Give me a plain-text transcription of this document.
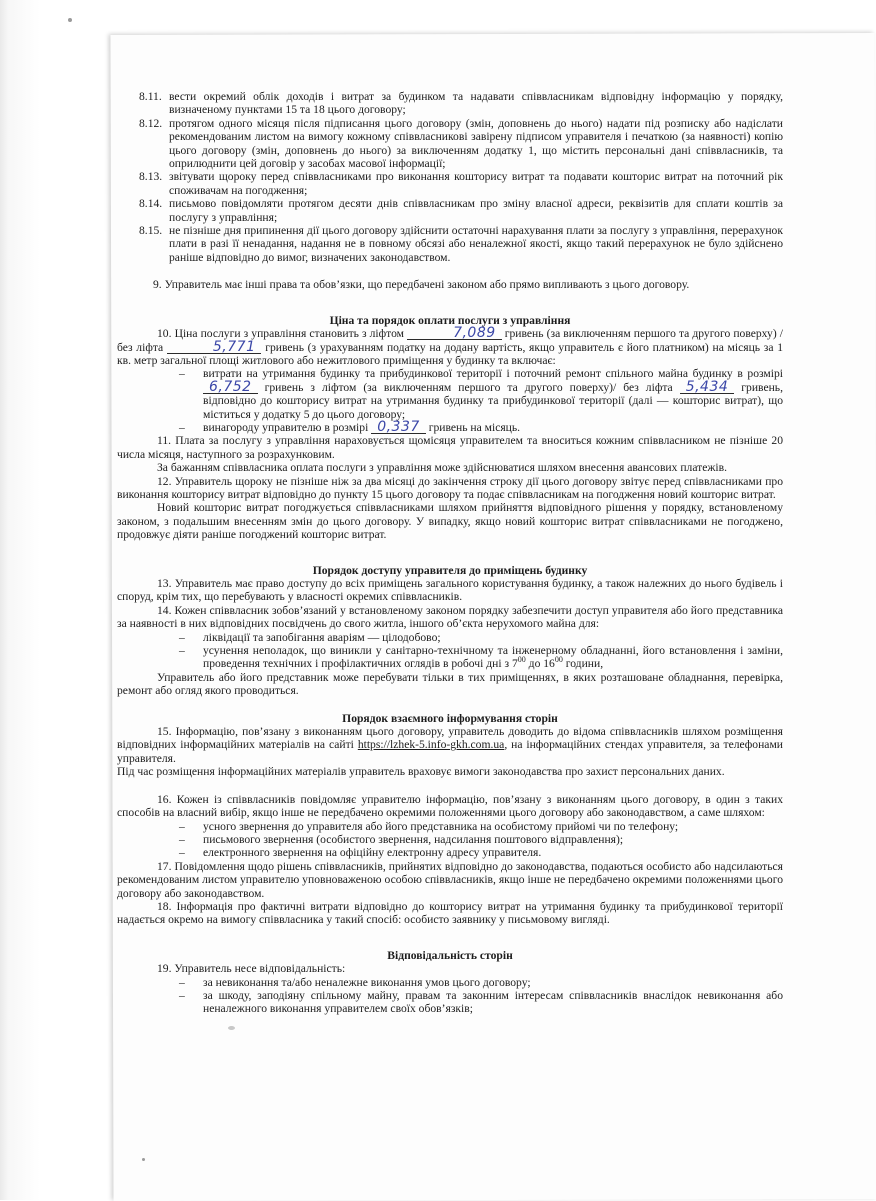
8.11. вести окремий облік доходів і витрат за будинком та надавати співвласникам відповідну інформацію у порядку, визначеному пунктами 15 та 18 цього договору;
8.12. протягом одного місяця після підписання цього договору (змін, доповнень до нього) надати під розписку або надіслати рекомендованим листом на вимогу кожному співвласникові завірену підписом управителя і печаткою (за наявності) копію цього договору (змін, доповнень до нього) за виключенням додатку 1, що містить персональні дані співвласників, та оприлюднити цей договір у засобах масової інформації;
8.13. звітувати щороку перед співвласниками про виконання кошторису витрат та подавати кошторис витрат на поточний рік споживачам на погодження;
8.14. письмово повідомляти протягом десяти днів співвласникам про зміну власної адреси, реквізитів для сплати коштів за послугу з управління;
8.15. не пізніше дня припинення дії цього договору здійснити остаточні нарахування плати за послугу з управління, перерахунок плати в разі її ненадання, надання не в повному обсязі або неналежної якості, якщо такий перерахунок не було здійснено раніше відповідно до вимог, визначених законодавством.

9. Управитель має інші права та обов’язки, що передбачені законом або прямо випливають з цього договору.

Ціна та порядок оплати послуги з управління

10. Ціна послуги з управління становить з ліфтом	7,089 гривень (за виключенням першого та другого поверху) / без ліфта	5,771 гривень (з урахуванням податку на додану вартість, якщо управитель є його платником) на місяць за 1 кв. метр загальної площі житлового або нежитлового приміщення у будинку та включає:

–	витрати на утримання будинку та прибудинкової території і поточний ремонт спільного майна будинку в розмірі 6,752 гривень з ліфтом (за виключенням першого та другого поверху)/ без ліфта 5,434 гривень, відповідно до кошторису витрат на утримання будинку та прибудинкової території (далі — кошторис витрат), що міститься у додатку 5 до цього договору;
–	винагороду управителю в розмірі 0,337 гривень на місяць.

11. Плата за послугу з управління нараховується щомісяця управителем та вноситься кожним співвласником не пізніше 20 числа місяця, наступного за розрахунковим.

За бажанням співвласника оплата послуги з управління може здійснюватися шляхом внесення авансових платежів.

12. Управитель щороку не пізніше ніж за два місяці до закінчення строку дії цього договору звітує перед співвласниками про виконання кошторису витрат відповідно до пункту 15 цього договору та подає співвласникам на погодження новий кошторис витрат.

Новий кошторис витрат погоджується співвласниками шляхом прийняття відповідного рішення у порядку, встановленому законом, з подальшим внесенням змін до цього договору. У випадку, якщо новий кошторис витрат співвласниками не погоджено, продовжує діяти раніше погоджений кошторис витрат.

Порядок доступу управителя до приміщень будинку

13. Управитель має право доступу до всіх приміщень загального користування будинку, а також належних до нього будівель і споруд, крім тих, що перебувають у власності окремих співвласників.

14. Кожен співвласник зобов’язаний у встановленому законом порядку забезпечити доступ управителя або його представника за наявності в них відповідних посвідчень до свого житла, іншого об’єкта нерухомого майна для:

–	ліквідації та запобігання аваріям — цілодобово;
–	усунення неполадок, що виникли у санітарно-технічному та інженерному обладнанні, його встановлення і заміни, проведення технічних і профілактичних оглядів в робочі дні з $7^{00}$ до $16^{00}$ години,

Управитель або його представник може перебувати тільки в тих приміщеннях, в яких розташоване обладнання, перевірка, ремонт або огляд якого проводиться.

Порядок взаємного інформування сторін

15. Інформацію, пов’язану з виконанням цього договору, управитель доводить до відома співвласників шляхом розміщення відповідних інформаційних матеріалів на сайті https://lzhek-5.info-gkh.com.ua, на інформаційних стендах управителя, за телефонами управителя.

Під час розміщення інформаційних матеріалів управитель враховує вимоги законодавства про захист персональних даних.

16. Кожен із співвласників повідомляє управителю інформацію, пов’язану з виконанням цього договору, в один з таких способів на власний вибір, якщо інше не передбачено окремими положеннями цього договору або законодавством, а саме шляхом:

–	усного звернення до управителя або його представника на особистому прийомі чи по телефону;
–	письмового звернення (особистого звернення, надсилання поштового відправлення);
–	електронного звернення на офіційну електронну адресу управителя.

17. Повідомлення щодо рішень співвласників, прийнятих відповідно до законодавства, подаються особисто або надсилаються рекомендованим листом управителю уповноваженою особою співвласників, якщо інше не передбачено окремими положеннями цього договору або законодавством.

18. Інформація про фактичні витрати відповідно до кошторису витрат на утримання будинку та прибудинкової території надається окремо на вимогу співвласника у такий спосіб: особисто заявнику у письмовому вигляді.

Відповідальність сторін

19. Управитель несе відповідальність:

–	за невиконання та/або неналежне виконання умов цього договору;
–	за шкоду, заподіяну спільному майну, правам та законним інтересам співвласників внаслідок невиконання або неналежного виконання управителем своїх обов’язків;
